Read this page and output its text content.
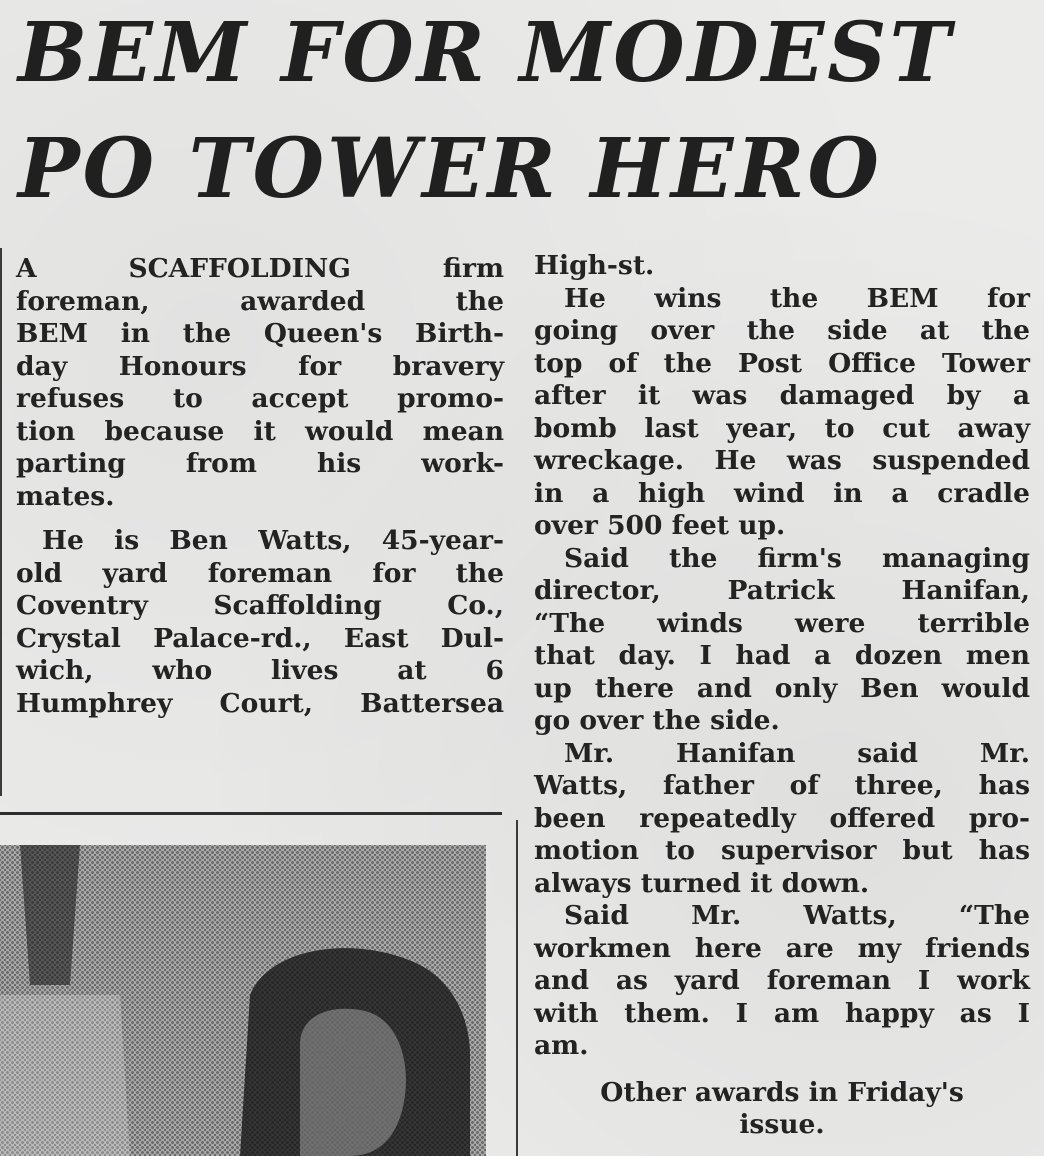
BEM FOR MODEST
PO TOWER HERO

A SCAFFOLDING firm

foreman, awarded the

BEM in the Queen's Birth-

day Honours for bravery

refuses to accept promo-

tion because it would mean

parting from his work-

mates.

He is Ben Watts, 45-year-

old yard foreman for the

Coventry Scaffolding Co.,

Crystal Palace-rd., East Dul-

wich, who lives at 6

Humphrey Court, Battersea

High-st.

He wins the BEM for

going over the side at the

top of the Post Office Tower

after it was damaged by a

bomb last year, to cut away

wreckage. He was suspended

in a high wind in a cradle

over 500 feet up.

Said the firm's managing

director, Patrick Hanifan,

“The winds were terrible

that day. I had a dozen men

up there and only Ben would

go over the side.

Mr. Hanifan said Mr.

Watts, father of three, has

been repeatedly offered pro-

motion to supervisor but has

always turned it down.

Said Mr. Watts, “The

workmen here are my friends

and as yard foreman I work

with them. I am happy as I

am.

Other awards in Friday's

issue.
